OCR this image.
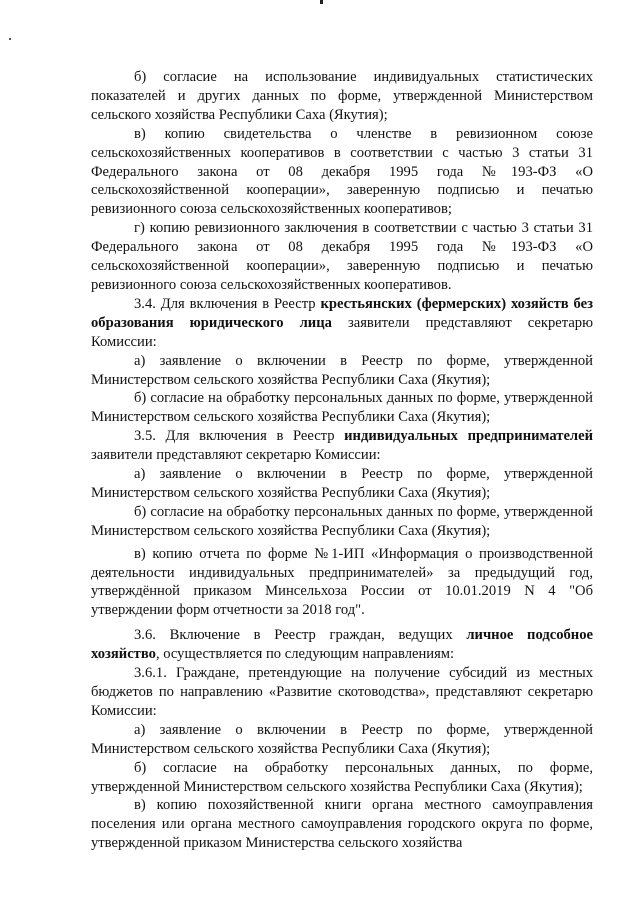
б) согласие на использование индивидуальных статистических показателей и других данных по форме, утвержденной Министерством сельского хозяйства Республики Саха (Якутия);

в) копию свидетельства о членстве в ревизионном союзе сельскохозяйственных кооперативов в соответствии с частью 3 статьи 31 Федерального закона от 08 декабря 1995 года №193-ФЗ «О сельскохозяйственной кооперации», заверенную подписью и печатью ревизионного союза сельскохозяйственных кооперативов;

г) копию ревизионного заключения в соответствии с частью 3 статьи 31 Федерального закона от 08 декабря 1995 года №193-ФЗ «О сельскохозяйственной кооперации», заверенную подписью и печатью ревизионного союза сельскохозяйственных кооперативов.

3.4. Для включения в Реестр крестьянских (фермерских) хозяйств без образования юридического лица заявители представляют секретарю Комиссии:

а) заявление о включении в Реестр по форме, утвержденной Министерством сельского хозяйства Республики Саха (Якутия);

б) согласие на обработку персональных данных по форме, утвержденной Министерством сельского хозяйства Республики Саха (Якутия);

3.5. Для включения в Реестр индивидуальных предпринимателей заявители представляют секретарю Комиссии:

а) заявление о включении в Реестр по форме, утвержденной Министерством сельского хозяйства Республики Саха (Якутия);

б) согласие на обработку персональных данных по форме, утвержденной Министерством сельского хозяйства Республики Саха (Якутия);

в) копию отчета по форме №1-ИП «Информация о производственной деятельности индивидуальных предпринимателей» за предыдущий год, утверждённой приказом Минсельхоза России от 10.01.2019 N 4 "Об утверждении форм отчетности за 2018 год".

3.6. Включение в Реестр граждан, ведущих личное подсобное хозяйство, осуществляется по следующим направлениям:

3.6.1. Граждане, претендующие на получение субсидий из местных бюджетов по направлению «Развитие скотоводства», представляют секретарю Комиссии:

а) заявление о включении в Реестр по форме, утвержденной Министерством сельского хозяйства Республики Саха (Якутия);

б) согласие на обработку персональных данных, по форме, утвержденной Министерством сельского хозяйства Республики Саха (Якутия);

в) копию похозяйственной книги органа местного самоуправления поселения или органа местного самоуправления городского округа по форме, утвержденной приказом Министерства сельского хозяйства
